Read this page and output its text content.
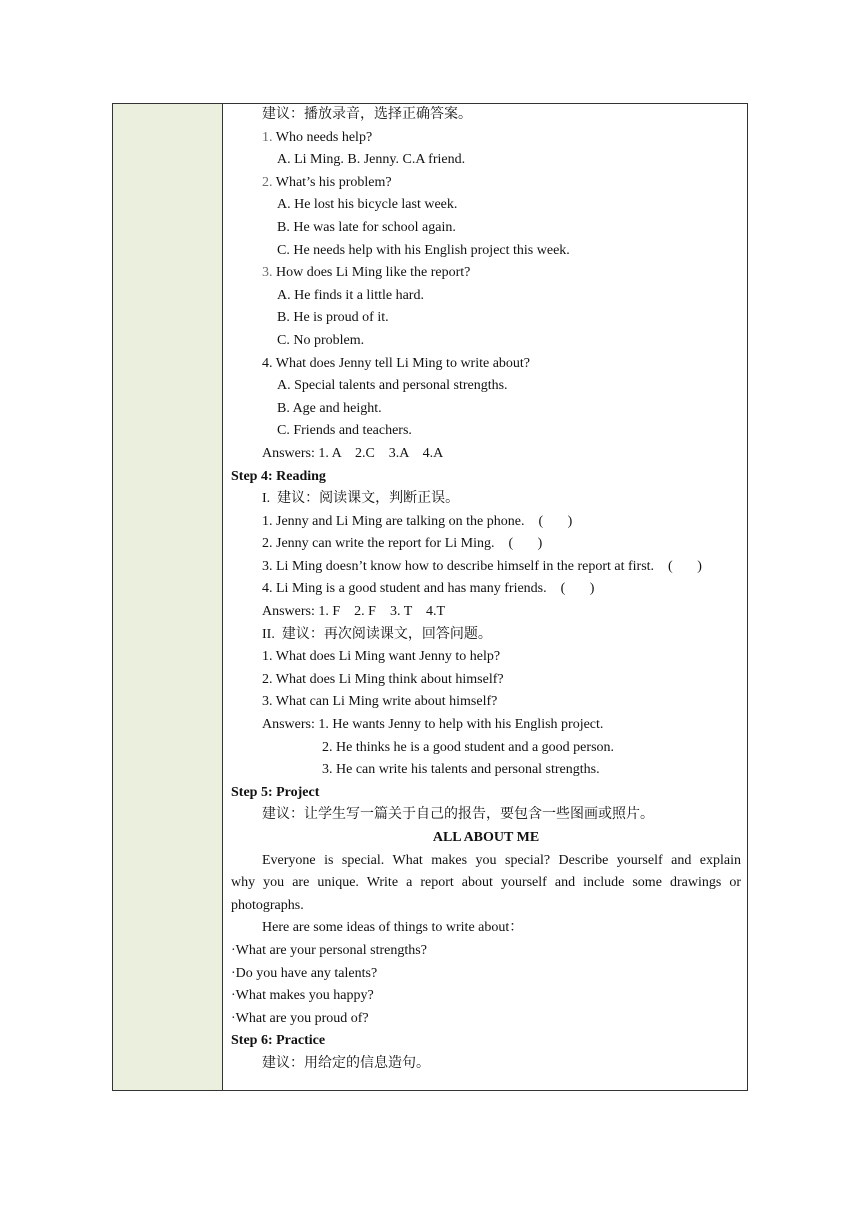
建议：播放录音，选择正确答案。
1. Who needs help?
A. Li Ming. B. Jenny. C.A friend.
2. What’s his problem?
A. He lost his bicycle last week.
B. He was late for school again.
C. He needs help with his English project this week.
3. How does Li Ming like the report?
A. He finds it a little hard.
B. He is proud of it.
C. No problem.
4. What does Jenny tell Li Ming to write about?
A. Special talents and personal strengths.
B. Age and height.
C. Friends and teachers.
Answers: 1. A    2.C    3.A    4.A
Step 4: Reading
I.  建议：阅读课文，判断正误。
1. Jenny and Li Ming are talking on the phone.    (       )
2. Jenny can write the report for Li Ming.    (       )
3. Li Ming doesn’t know how to describe himself in the report at first.    (       )
4. Li Ming is a good student and has many friends.    (       )
Answers: 1. F    2. F    3. T    4.T
II.  建议：再次阅读课文，回答问题。
1. What does Li Ming want Jenny to help?
2. What does Li Ming think about himself?
3. What can Li Ming write about himself?
Answers: 1. He wants Jenny to help with his English project.
2. He thinks he is a good student and a good person.
3. He can write his talents and personal strengths.
Step 5: Project
建议：让学生写一篇关于自己的报告，要包含一些图画或照片。
ALL ABOUT ME
Everyone is special. What makes you special? Describe yourself and explain
why you are unique. Write a report about yourself and include some drawings or
photographs.
Here are some ideas of things to write about：
·What are your personal strengths?
·Do you have any talents?
·What makes you happy?
·What are you proud of?
Step 6: Practice
建议：用给定的信息造句。
